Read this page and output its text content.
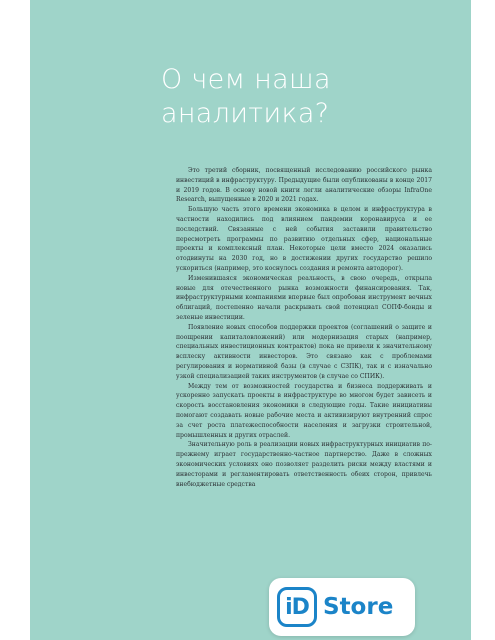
О чем наша
аналитика?

Это третий сборник, посвященный исследованию российского рынка инвестиций в инфраструктуру. Предыдущие были опубликованы в конце 2017 и 2019 годов. В основу новой книги легли аналитические обзоры InfraOne Research, выпущенные в 2020 и 2021 годах.

Большую часть этого времени экономика в целом и инфраструктура в частности находились под влиянием пандемии коронавируса и ее последствий. Связанные с ней события заставили правительство пересмотреть программы по развитию отдельных сфер, национальные проекты и комплексный план. Некоторые цели вместо 2024 оказались отодвинуты на 2030 год, но в достижении других государство решило ускориться (например, это коснулось создания и ремонта автодорог).

Изменившаяся экономическая реальность, в свою очередь, открыла новые для отечественного рынка возможности финансирования. Так, инфраструктурными компаниями впервые был опробован инструмент вечных облигаций, постепенно начали раскрывать свой потенциал СОПФ-бонды и зеленые инвестиции.

Появление новых способов поддержки проектов (соглашений о защите и поощрении капиталовложений) или модернизация старых (например, специальных инвестиционных контрактов) пока не привели к значительному всплеску активности инвесторов. Это связано как с проблемами регулирования и нормативной базы (в случае с СЗПК), так и с изначально узкой специализацией таких инструментов (в случае со СПИК).

Между тем от возможностей государства и бизнеса поддерживать и ускоренно запускать проекты в инфраструктуре во многом будет зависеть и скорость восстановления экономики в следующие годы. Такие инициативы помогают создавать новые рабочие места и активизируют внутренний спрос за счет роста платежеспособности населения и загрузки строительной, промышленных и других отраслей.

Значительную роль в реализации новых инфраструктурных инициатив по-прежнему играет государственно-частное партнерство. Даже в сложных экономических условиях оно позволяет разделить риски между властями и инвесторами и регламентировать ответственность обеих сторон, привлечь внебюджетные средства

iD Store
